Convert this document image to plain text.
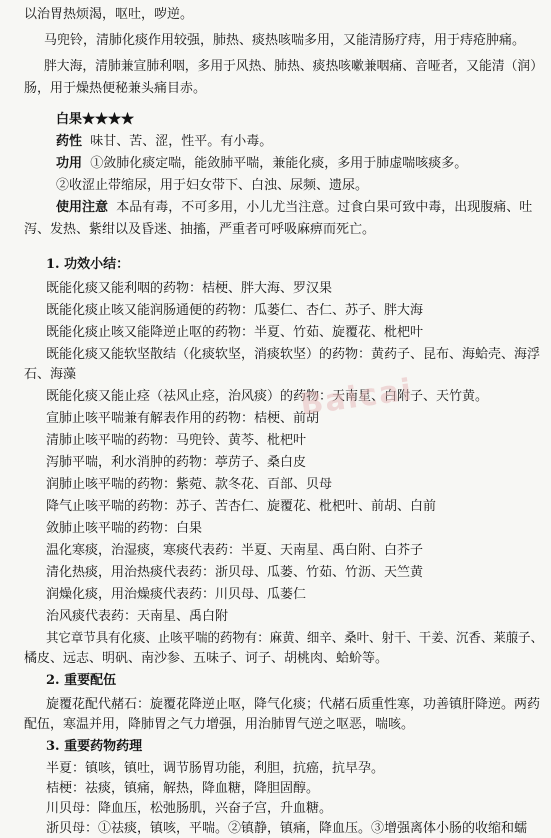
以治胃热烦渴，呕吐，哕逆。
马兜铃，清肺化痰作用较强，肺热、痰热咳喘多用，又能清肠疗痔，用于痔疮肿痛。
胖大海，清肺兼宣肺利咽，多用于风热、肺热、痰热咳嗽兼咽痛、音哑者，又能清（润）
肠，用于燥热便秘兼头痛目赤。
白果★★★★
药性 味甘、苦、涩，性平。有小毒。
功用 ①敛肺化痰定喘，能敛肺平喘，兼能化痰，多用于肺虚喘咳痰多。
②收涩止带缩尿，用于妇女带下、白浊、尿频、遗尿。
使用注意 本品有毒，不可多用，小儿尤当注意。过食白果可致中毒，出现腹痛、吐
泻、发热、紫绀以及昏迷、抽搐，严重者可呼吸麻痹而死亡。
1. 功效小结：
既能化痰又能利咽的药物：桔梗、胖大海、罗汉果
既能化痰止咳又能润肠通便的药物：瓜蒌仁、杏仁、苏子、胖大海
既能化痰止咳又能降逆止呕的药物：半夏、竹茹、旋覆花、枇杷叶
既能化痰又能软坚散结（化痰软坚，消痰软坚）的药物：黄药子、昆布、海蛤壳、海浮
石、海藻
既能化痰又能止痉（祛风止痉，治风痰）的药物：天南星、白附子、天竹黄。
宣肺止咳平喘兼有解表作用的药物：桔梗、前胡
清肺止咳平喘的药物：马兜铃、黄芩、枇杷叶
泻肺平喘，利水消肿的药物：葶苈子、桑白皮
润肺止咳平喘的药物：紫菀、款冬花、百部、贝母
降气止咳平喘的药物：苏子、苦杏仁、旋覆花、枇杷叶、前胡、白前
敛肺止咳平喘的药物：白果
温化寒痰，治湿痰，寒痰代表药：半夏、天南星、禹白附、白芥子
清化热痰，用治热痰代表药：浙贝母、瓜蒌、竹茹、竹沥、天竺黄
润燥化痰，用治燥痰代表药：川贝母、瓜蒌仁
治风痰代表药：天南星、禹白附
其它章节具有化痰、止咳平喘的药物有：麻黄、细辛、桑叶、射干、干姜、沉香、莱菔子、
橘皮、远志、明矾、南沙参、五味子、诃子、胡桃肉、蛤蚧等。
2. 重要配伍
旋覆花配代赭石：旋覆花降逆止呕，降气化痰；代赭石质重性寒，功善镇肝降逆。两药
配伍，寒温并用，降肺胃之气力增强，用治肺胃气逆之呕恶，喘咳。
3. 重要药物药理
半夏：镇咳，镇吐，调节肠胃功能，利胆，抗癌，抗早孕。
桔梗：祛痰，镇痛，解热，降血糖，降胆固醇。
川贝母：降血压，松弛肠肌，兴奋子宫，升血糖。
浙贝母：①祛痰，镇咳，平喘。②镇静，镇痛，降血压。③增强离体小肠的收缩和蠕
Baicai
